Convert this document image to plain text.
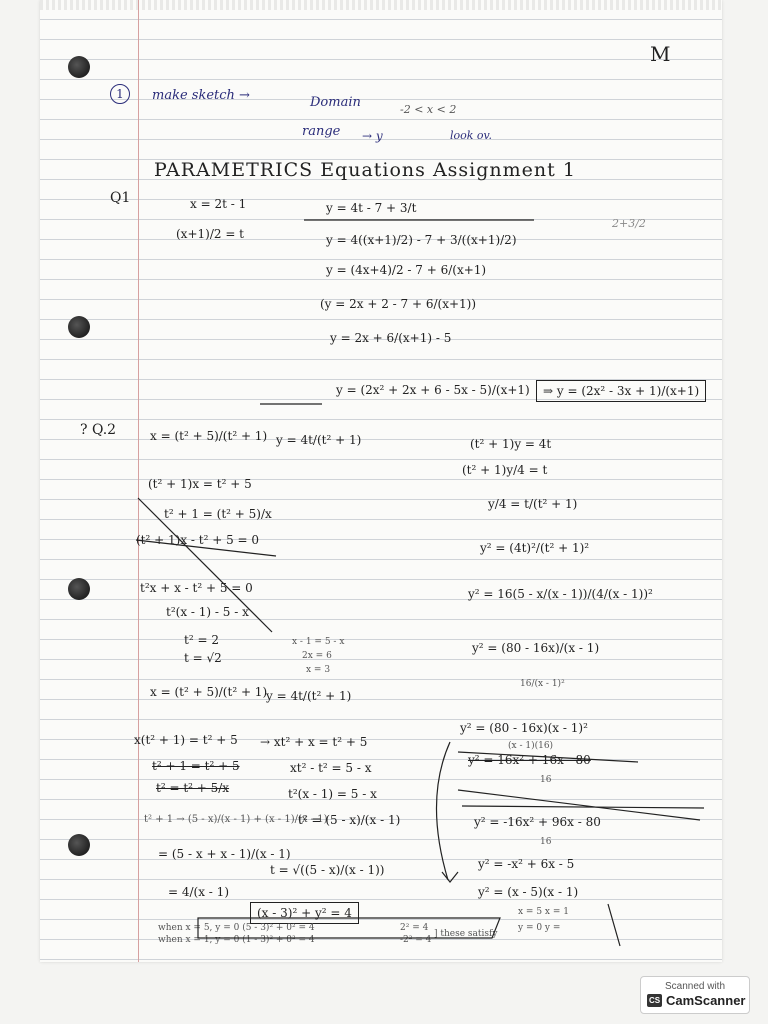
M
1	make sketch →	Domain	-2 < x < 2
range → y	look ov.
PARAMETRICS Equations Assignment 1
Q1
2+3/2
x = 2t - 1
(x+1)/2 = t
y = 4t - 7 + 3/t
y = 4((x+1)/2) - 7 + 3/((x+1)/2)
y = (4x+4)/2 - 7 + 6/(x+1)
(y = 2x + 2 - 7 + 6/(x+1))
y = 2x + 6/(x+1) - 5
y = (2x² + 2x + 6 - 5x - 5)/(x+1)	⇒ y = (2x² - 3x + 1)/(x+1)
? Q.2	x = (t² + 5)/(t² + 1) y = 4t/(t² + 1)
(t² + 1)x = t² + 5
t² + 1 = (t² + 5)/x
(t² + 1)x - t² + 5 = 0
t²x + x - t² + 5 = 0
t²(x - 1) - 5 - x
t² = 2
t = √2
x - 1 = 5 - x
2x = 6
x = 3
(t² + 1)y = 4t
(t² + 1)y/4 = t
y/4 = t/(t² + 1)
y² = (4t)²/(t² + 1)²
y² = 16(5 - x/(x - 1))/(4/(x - 1))²
y² = (80 - 16x)/(x - 1)
16/(x - 1)²
x = (t² + 5)/(t² + 1)
y = 4t/(t² + 1)
x(t² + 1) = t² + 5 → xt² + x = t² + 5
t² + 1 = t² + 5
t² = t² + 5/x
xt² - t² = 5 - x
t²(x - 1) = 5 - x
t² + 1 → (5 - x)/(x - 1) + (x - 1)/(x - 1)
t² = (5 - x)/(x - 1)
= (5 - x + x - 1)/(x - 1)
= 4/(x - 1)
t = √((5 - x)/(x - 1))
y² = (80 - 16x)(x - 1)²
(x - 1)(16)
y² = 16x² + 16x - 80
16
y² = -16x² + 96x - 80
16
y² = -x² + 6x - 5
y² = (x - 5)(x - 1)
x = 5 x = 1
y = 0 y =
(x - 3)² + y² = 4
when x = 5, y = 0 (5 - 3)² + 0² = 4
when x = 1, y = 0 (1 - 3)² + 0² = 4
2² = 4
-2² = 4
] these satisfy
Scanned with
CS CamScanner
